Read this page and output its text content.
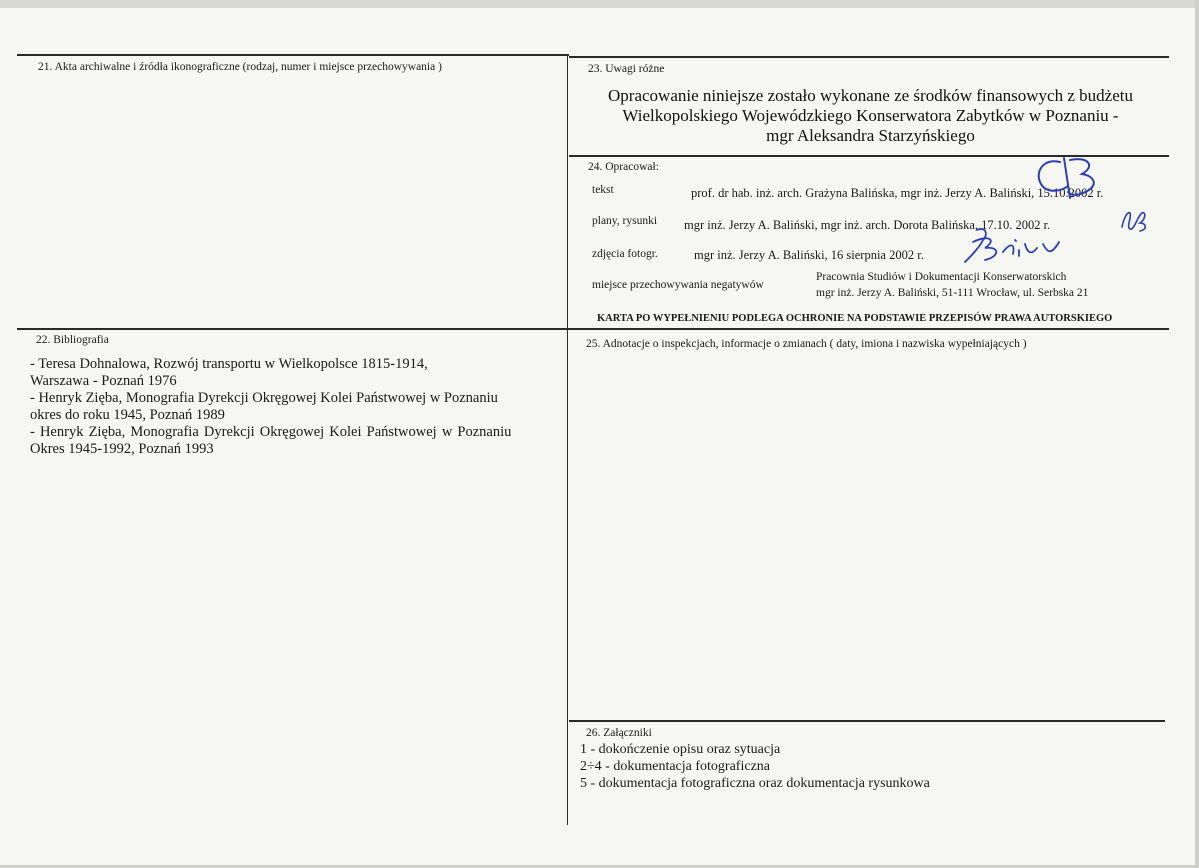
21. Akta archiwalne i źródła ikonograficzne (rodzaj, numer i miejsce przechowywania )
22. Bibliografia
- Teresa Dohnalowa, Rozwój transportu w Wielkopolsce 1815-1914,
Warszawa - Poznań 1976
- Henryk Zięba, Monografia Dyrekcji Okręgowej Kolei Państwowej w Poznaniu
okres do roku 1945, Poznań 1989
- Henryk Zięba, Monografia Dyrekcji Okręgowej Kolei Państwowej w Poznaniu
Okres 1945-1992, Poznań 1993
23. Uwagi różne
Opracowanie niniejsze zostało wykonane ze środków finansowych z budżetu
Wielkopolskiego Wojewódzkiego Konserwatora Zabytków w Poznaniu -
mgr Aleksandra Starzyńskiego
24. Opracował:
tekst	prof. dr hab. inż. arch. Grażyna Balińska, mgr inż. Jerzy A. Baliński, 15.10.2002 r.
plany, rysunki mgr inż. Jerzy A. Baliński, mgr inż. arch. Dorota Balińska, 17.10. 2002 r.
zdjęcia fotogr.	mgr inż. Jerzy A. Baliński, 16 sierpnia 2002 r.
miejsce przechowywania negatywów
Pracownia Studiów i Dokumentacji Konserwatorskich
mgr inż. Jerzy A. Baliński, 51-111 Wrocław, ul. Serbska 21
KARTA PO WYPEŁNIENIU PODLEGA OCHRONIE NA PODSTAWIE PRZEPISÓW PRAWA AUTORSKIEGO
25. Adnotacje o inspekcjach, informacje o zmianach ( daty, imiona i nazwiska wypełniających )
26. Załączniki
1 - dokończenie opisu oraz sytuacja
2÷4 - dokumentacja fotograficzna
5 - dokumentacja fotograficzna oraz dokumentacja rysunkowa
